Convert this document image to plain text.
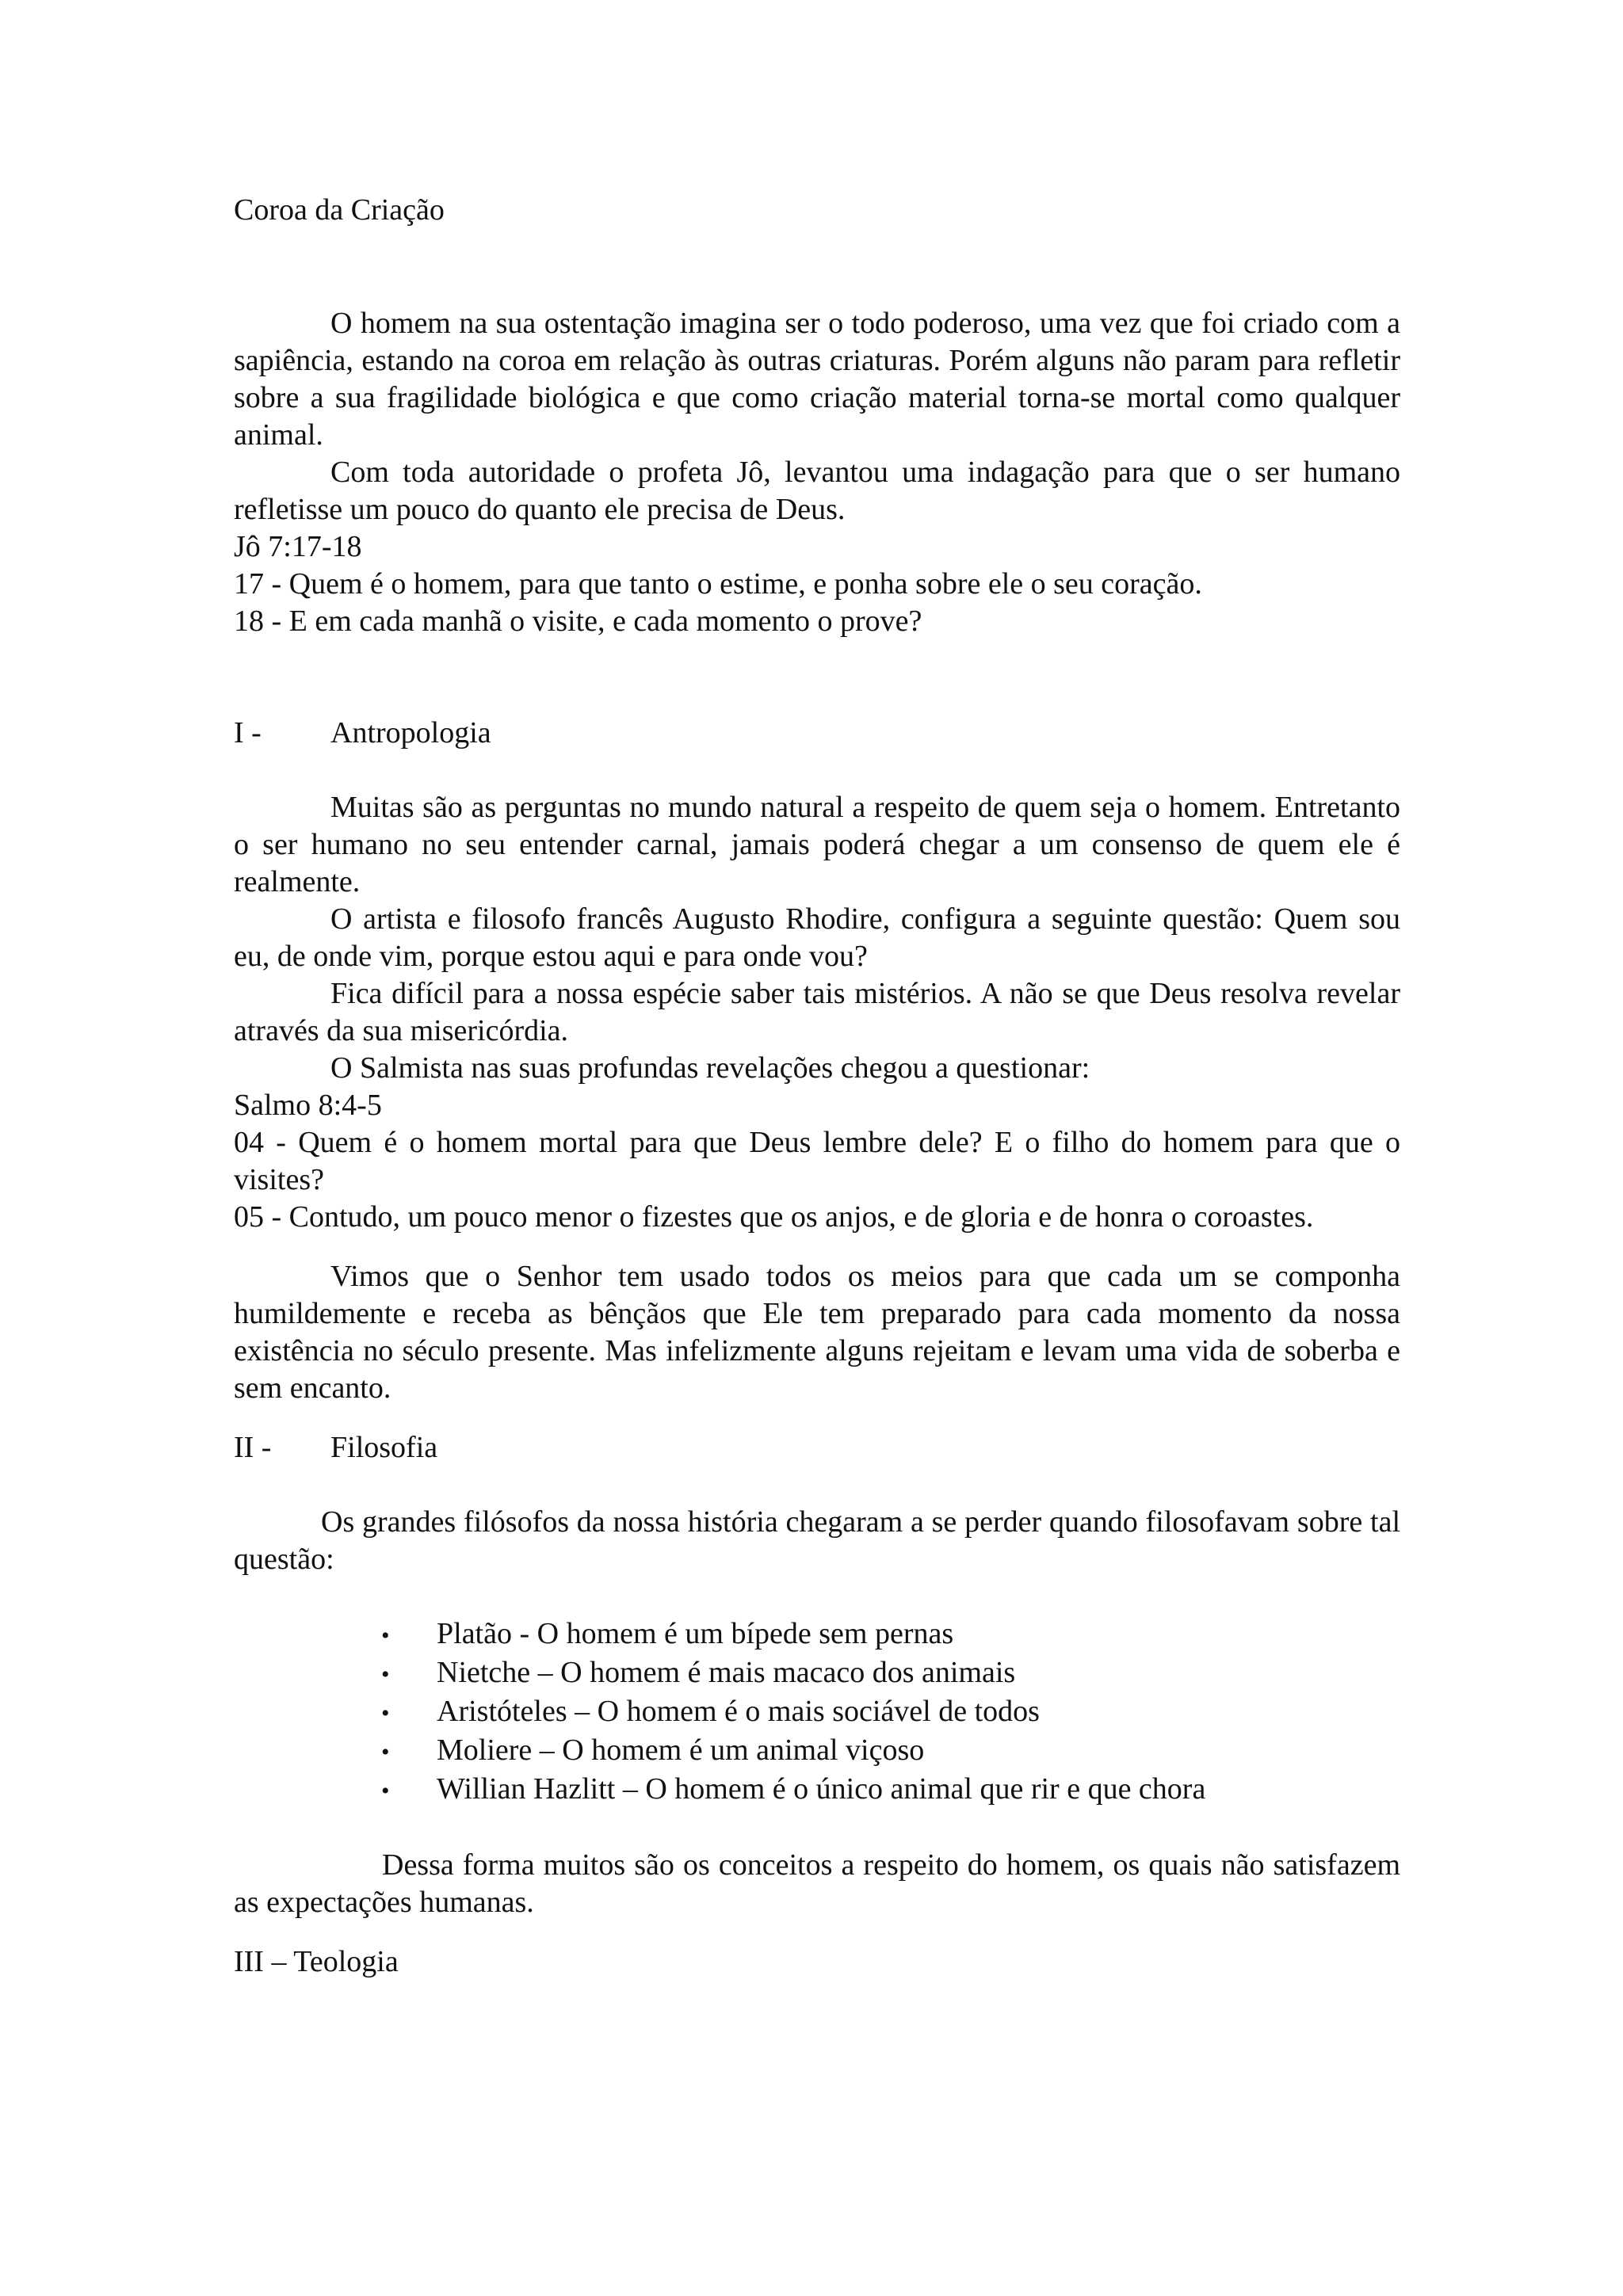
Coroa da Criação

O homem na sua ostentação imagina ser o todo poderoso, uma vez que foi criado com a sapiência, estando na coroa em relação às outras criaturas. Porém alguns não param para refletir sobre a sua fragilidade biológica e que como criação material torna-se mortal como qualquer animal.

Com toda autoridade o profeta Jô, levantou uma indagação para que o ser humano refletisse um pouco do quanto ele precisa de Deus.

Jô 7:17-18

17 - Quem é o homem, para que tanto o estime, e ponha sobre ele o seu coração.

18 - E em cada manhã o visite, e cada momento o prove?

I -	Antropologia

Muitas são as perguntas no mundo natural a respeito de quem seja o homem. Entretanto o ser humano no seu entender carnal, jamais poderá chegar a um consenso de quem ele é realmente.

O artista e filosofo francês Augusto Rhodire, configura a seguinte questão: Quem sou eu, de onde vim, porque estou aqui e para onde vou?

Fica difícil para a nossa espécie saber tais mistérios. A não se que Deus resolva revelar através da sua misericórdia.

O Salmista nas suas profundas revelações chegou a questionar:

Salmo 8:4-5

04 - Quem é o homem mortal para que Deus lembre dele? E o filho do homem para que o visites?

05 - Contudo, um pouco menor o fizestes que os anjos, e de gloria e de honra o coroastes.

Vimos que o Senhor tem usado todos os meios para que cada um se componha humildemente e receba as bênçãos que Ele tem preparado para cada momento da nossa existência no século presente. Mas infelizmente alguns rejeitam e levam uma vida de soberba e sem encanto.

II -	Filosofia

Os grandes filósofos da nossa história chegaram a se perder quando filosofavam sobre tal questão:

•	Platão - O homem é um bípede sem pernas
•	Nietche – O homem é mais macaco dos animais
•	Aristóteles – O homem é o mais sociável de todos
•	Moliere – O homem é um animal viçoso
•	Willian Hazlitt – O homem é o único animal que rir e que chora

Dessa forma muitos são os conceitos a respeito do homem, os quais não satisfazem as expectações humanas.

III – Teologia
